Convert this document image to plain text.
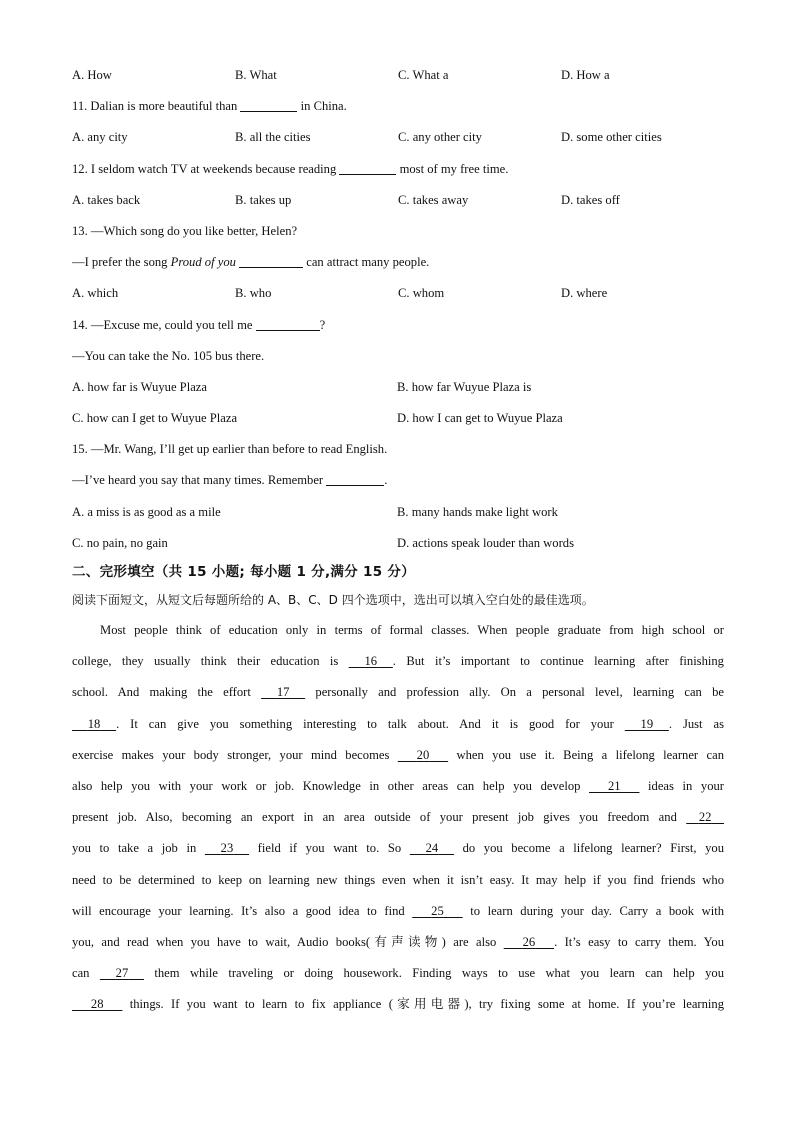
A. How	B. What	C. What a	D. How a
11. Dalian is more beautiful than	in China.
A. any city	B. all the cities	C. any other city	D. some other cities
12. I seldom watch TV at weekends because reading	most of my free time.
A. takes back	B. takes up	C. takes away	D. takes off
13. —Which song do you like better, Helen?
—I prefer the song Proud of you	can attract many people.
A. which	B. who	C. whom	D. where
14. —Excuse me, could you tell me	?
—You can take the No. 105 bus there.
A. how far is Wuyue Plaza	B. how far Wuyue Plaza is
C. how can I get to Wuyue Plaza	D. how I can get to Wuyue Plaza
15. —Mr. Wang, I’ll get up earlier than before to read English.
—I’ve heard you say that many times. Remember	.
A. a miss is as good as a mile	B. many hands make light work
C. no pain, no gain	D. actions speak louder than words
二、完形填空（共 15 小题; 每小题 1 分,满分 15 分）
阅读下面短文，从短文后每题所给的 A、B、C、D 四个选项中，选出可以填入空白处的最佳选项。
Most people think of education only in terms of formal classes. When people graduate from high school or
college, they usually think their education is 16 . But it’s important to continue learning after finishing
school. And making the effort 17 personally and profession ally. On a personal level, learning can be
18 . It can give you something interesting to talk about. And it is good for your 19 . Just as
exercise makes your body stronger, your mind becomes 20 when you use it. Being a lifelong learner can
also help you with your work or job. Knowledge in other areas can help you develop 21 ideas in your
present job. Also, becoming an export in an area outside of your present job gives you freedom and 22
you to take a job in 23 field if you want to. So 24 do you become a lifelong learner? First, you
need to be determined to keep on learning new things even when it isn’t easy. It may help if you find friends who
will encourage your learning. It’s also a good idea to find 25 to learn during your day. Carry a book with
you, and read when you have to wait, Audio books(有声读物) are also 26 . It’s easy to carry them. You
can 27 them while traveling or doing housework. Finding ways to use what you learn can help you
28 things. If you want to learn to fix appliance (家用电器), try fixing some at home. If you’re learning
